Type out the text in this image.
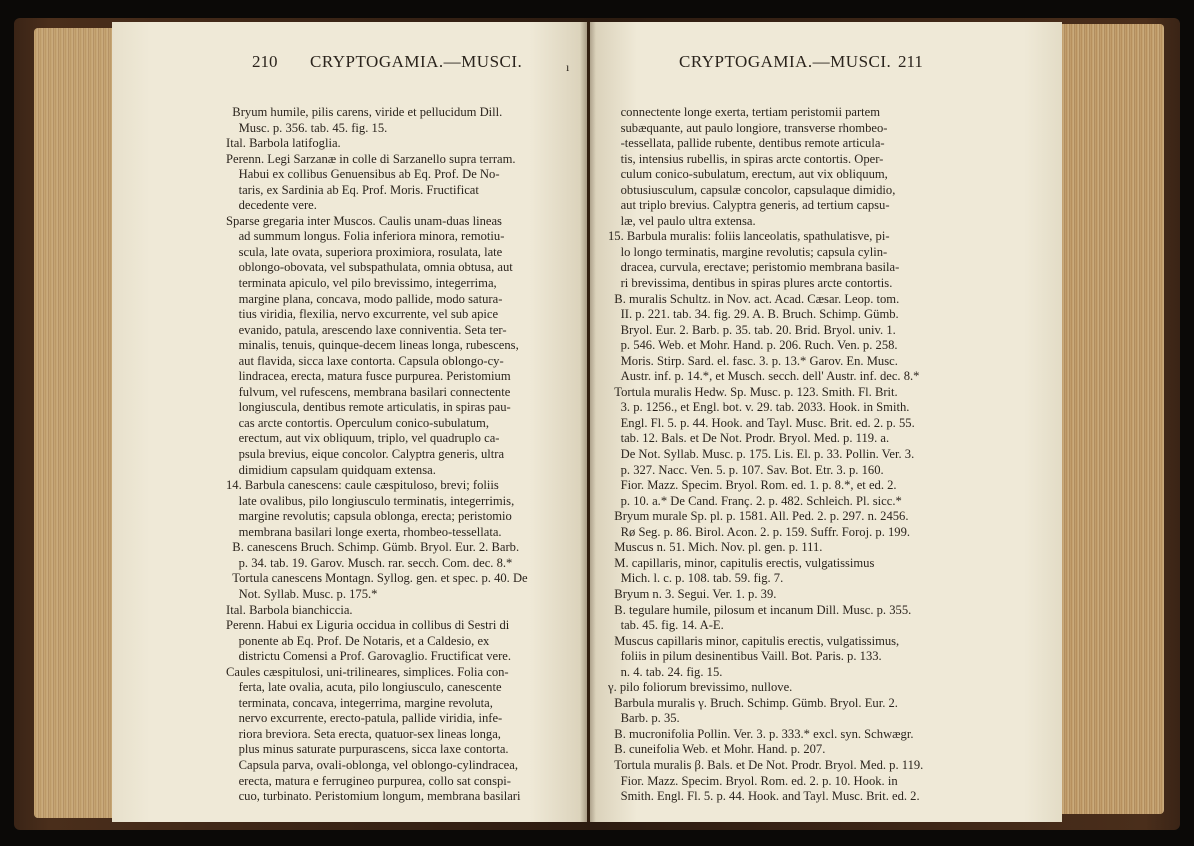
210 CRYPTOGAMIA.—MUSCI.	CRYPTOGAMIA.—MUSCI. 211
ı
Bryum humile, pilis carens, viride et pellucidum Dill.
Musc. p. 356. tab. 45. fig. 15.
Ital. Barbola latifoglia.
Perenn. Legi Sarzanæ in colle di Sarzanello supra terram.
Habui ex collibus Genuensibus ab Eq. Prof. De No-
taris, ex Sardinia ab Eq. Prof. Moris. Fructificat
decedente vere.
Sparse gregaria inter Muscos. Caulis unam-duas lineas
ad summum longus. Folia inferiora minora, remotiu-
scula, late ovata, superiora proximiora, rosulata, late
oblongo-obovata, vel subspathulata, omnia obtusa, aut
terminata apiculo, vel pilo brevissimo, integerrima,
margine plana, concava, modo pallide, modo satura-
tius viridia, flexilia, nervo excurrente, vel sub apice
evanido, patula, arescendo laxe conniventia. Seta ter-
minalis, tenuis, quinque-decem lineas longa, rubescens,
aut flavida, sicca laxe contorta. Capsula oblongo-cy-
lindracea, erecta, matura fusce purpurea. Peristomium
fulvum, vel rufescens, membrana basilari connectente
longiuscula, dentibus remote articulatis, in spiras pau-
cas arcte contortis. Operculum conico-subulatum,
erectum, aut vix obliquum, triplo, vel quadruplo ca-
psula brevius, eique concolor. Calyptra generis, ultra
dimidium capsulam quidquam extensa.
14. Barbula canescens: caule cæspituloso, brevi; foliis
late ovalibus, pilo longiusculo terminatis, integerrimis,
margine revolutis; capsula oblonga, erecta; peristomio
membrana basilari longe exerta, rhombeo-tessellata.
B. canescens Bruch. Schimp. Gümb. Bryol. Eur. 2. Barb.
p. 34. tab. 19. Garov. Musch. rar. secch. Com. dec. 8.*
Tortula canescens Montagn. Syllog. gen. et spec. p. 40. De
Not. Syllab. Musc. p. 175.*
Ital. Barbola bianchiccia.
Perenn. Habui ex Liguria occidua in collibus di Sestri di
ponente ab Eq. Prof. De Notaris, et a Caldesio, ex
districtu Comensi a Prof. Garovaglio. Fructificat vere.
Caules cæspitulosi, uni-trilineares, simplices. Folia con-
ferta, late ovalia, acuta, pilo longiusculo, canescente
terminata, concava, integerrima, margine revoluta,
nervo excurrente, erecto-patula, pallide viridia, infe-
riora breviora. Seta erecta, quatuor-sex lineas longa,
plus minus saturate purpurascens, sicca laxe contorta.
Capsula parva, ovali-oblonga, vel oblongo-cylindracea,
erecta, matura e ferrugineo purpurea, collo sat conspi-
cuo, turbinato. Peristomium longum, membrana basilari
connectente longe exerta, tertiam peristomii partem
subæquante, aut paulo longiore, transverse rhombeo-
-tessellata, pallide rubente, dentibus remote articula-
tis, intensius rubellis, in spiras arcte contortis. Oper-
culum conico-subulatum, erectum, aut vix obliquum,
obtusiusculum, capsulæ concolor, capsulaque dimidio,
aut triplo brevius. Calyptra generis, ad tertium capsu-
læ, vel paulo ultra extensa.
15. Barbula muralis: foliis lanceolatis, spathulatisve, pi-
lo longo terminatis, margine revolutis; capsula cylin-
dracea, curvula, erectave; peristomio membrana basila-
ri brevissima, dentibus in spiras plures arcte contortis.
B. muralis Schultz. in Nov. act. Acad. Cæsar. Leop. tom.
II. p. 221. tab. 34. fig. 29. A. B. Bruch. Schimp. Gümb.
Bryol. Eur. 2. Barb. p. 35. tab. 20. Brid. Bryol. univ. 1.
p. 546. Web. et Mohr. Hand. p. 206. Ruch. Ven. p. 258.
Moris. Stirp. Sard. el. fasc. 3. p. 13.* Garov. En. Musc.
Austr. inf. p. 14.*, et Musch. secch. dell' Austr. inf. dec. 8.*
Tortula muralis Hedw. Sp. Musc. p. 123. Smith. Fl. Brit.
3. p. 1256., et Engl. bot. v. 29. tab. 2033. Hook. in Smith.
Engl. Fl. 5. p. 44. Hook. and Tayl. Musc. Brit. ed. 2. p. 55.
tab. 12. Bals. et De Not. Prodr. Bryol. Med. p. 119. a.
De Not. Syllab. Musc. p. 175. Lis. El. p. 33. Pollin. Ver. 3.
p. 327. Nacc. Ven. 5. p. 107. Sav. Bot. Etr. 3. p. 160.
Fior. Mazz. Specim. Bryol. Rom. ed. 1. p. 8.*, et ed. 2.
p. 10. a.* De Cand. Franç. 2. p. 482. Schleich. Pl. sicc.*
Bryum murale Sp. pl. p. 1581. All. Ped. 2. p. 297. n. 2456.
Rø Seg. p. 86. Birol. Acon. 2. p. 159. Suffr. Foroj. p. 199.
Muscus n. 51. Mich. Nov. pl. gen. p. 111.
M. capillaris, minor, capitulis erectis, vulgatissimus
Mich. l. c. p. 108. tab. 59. fig. 7.
Bryum n. 3. Segui. Ver. 1. p. 39.
B. tegulare humile, pilosum et incanum Dill. Musc. p. 355.
tab. 45. fig. 14. A-E.
Muscus capillaris minor, capitulis erectis, vulgatissimus,
foliis in pilum desinentibus Vaill. Bot. Paris. p. 133.
n. 4. tab. 24. fig. 15.
γ. pilo foliorum brevissimo, nullove.
Barbula muralis γ. Bruch. Schimp. Gümb. Bryol. Eur. 2.
Barb. p. 35.
B. mucronifolia Pollin. Ver. 3. p. 333.* excl. syn. Schwægr.
B. cuneifolia Web. et Mohr. Hand. p. 207.
Tortula muralis β. Bals. et De Not. Prodr. Bryol. Med. p. 119.
Fior. Mazz. Specim. Bryol. Rom. ed. 2. p. 10. Hook. in
Smith. Engl. Fl. 5. p. 44. Hook. and Tayl. Musc. Brit. ed. 2.
